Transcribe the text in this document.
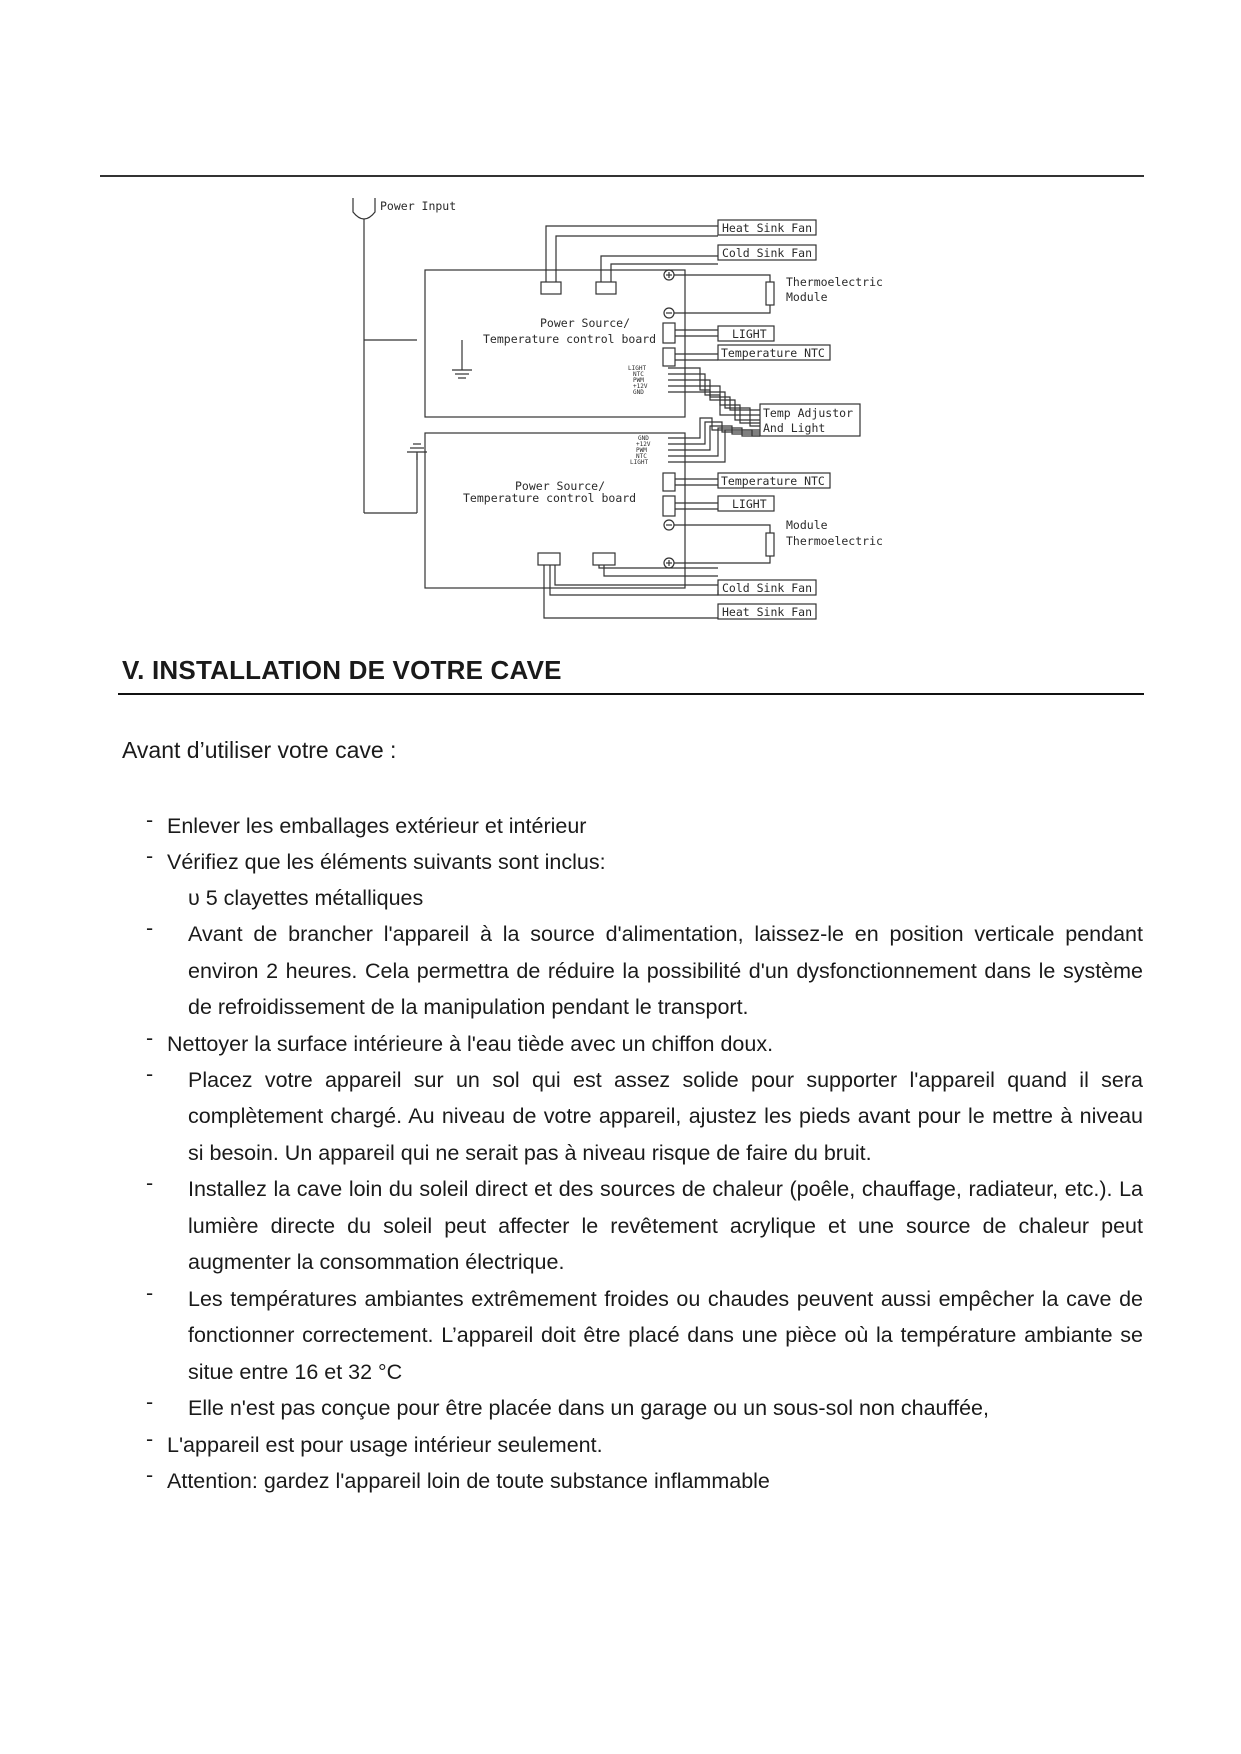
Power Input
Heat Sink Fan
Cold Sink Fan
Thermoelectric
Module
Power Source/
Temperature control board	LIGHT
Temperature NTC
LIGHT
NTC
PWM
+12V
GND
Temp Adjustor
And Light
GND
+12V
PWM
NTC
LIGHT
Power Source/
Temperature control board
Temperature NTC
LIGHT
Module
Thermoelectric
Cold Sink Fan
Heat Sink Fan
V. INSTALLATION DE VOTRE CAVE

Avant d’utiliser votre cave :

- Enlever les emballages extérieur et intérieur
- Vérifiez que les éléments suivants sont inclus:
υ 5 clayettes métalliques
- Avant de brancher l'appareil à la source d'alimentation, laissez-le en position verticale pendant environ 2 heures. Cela permettra de réduire la possibilité d'un dysfonctionnement dans le système de refroidissement de la manipulation pendant le transport.
- Nettoyer la surface intérieure à l'eau tiède avec un chiffon doux.
- Placez votre appareil sur un sol qui est assez solide pour supporter l'appareil quand il sera complètement chargé. Au niveau de votre appareil, ajustez les pieds avant pour le mettre à niveau si besoin. Un appareil qui ne serait pas à niveau risque de faire du bruit.
- Installez la cave loin du soleil direct et des sources de chaleur (poêle, chauffage, radiateur, etc.). La lumière directe du soleil peut affecter le revêtement acrylique et une source de chaleur peut augmenter la consommation électrique.
- Les températures ambiantes extrêmement froides ou chaudes peuvent aussi empêcher la cave de fonctionner correctement. L’appareil doit être placé dans une pièce où la température ambiante se situe entre 16 et 32 °C
- Elle n'est pas conçue pour être placée dans un garage ou un sous-sol non chauffée,
- L'appareil est pour usage intérieur seulement.
- Attention: gardez l'appareil loin de toute substance inflammable
